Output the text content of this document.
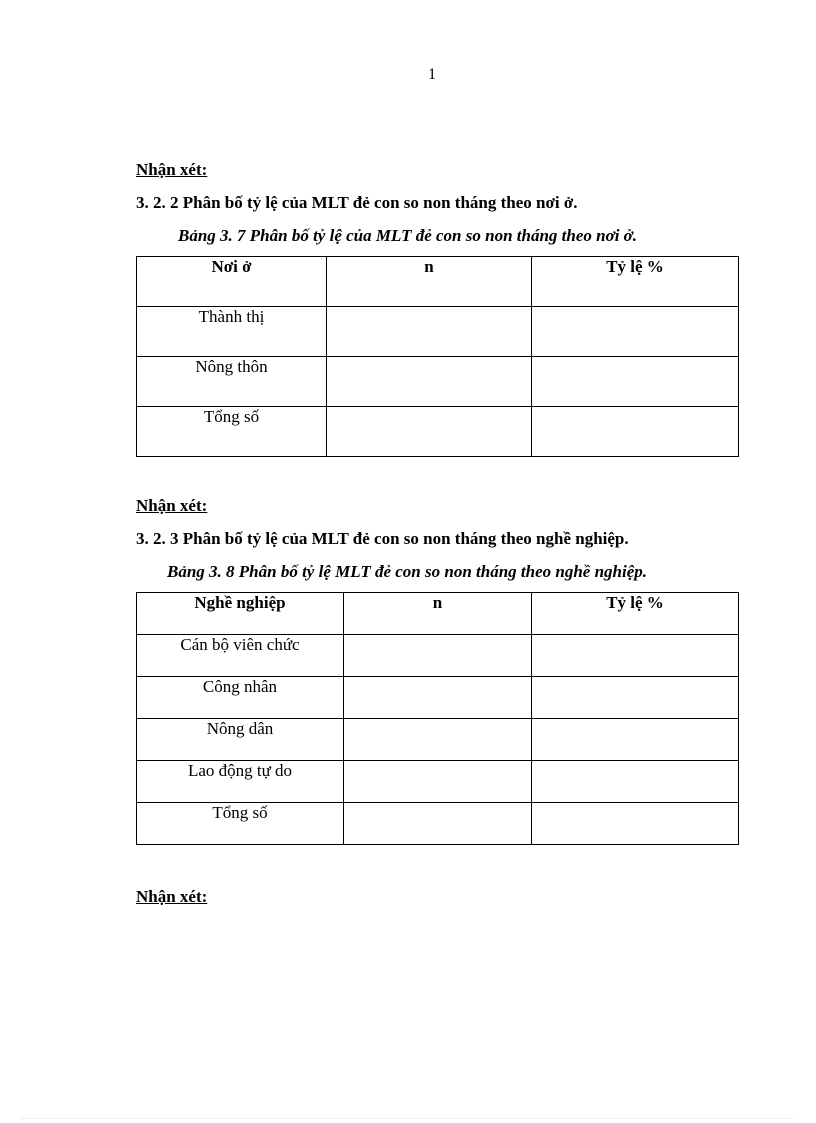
1
Nhận xét:
3. 2. 2 Phân bố tỷ lệ của MLT đẻ con so non tháng theo nơi ở.
Bảng 3. 7 Phân bố tỷ lệ của MLT đẻ con so non tháng theo nơi ở.
Nơi ở	n	Tỷ lệ %
Thành thị		
Nông thôn		
Tổng số		
Nhận xét:
3. 2. 3 Phân bố tỷ lệ của MLT đẻ con so non tháng theo nghề nghiệp.
Bảng 3. 8 Phân bố tỷ lệ MLT đẻ con so non tháng theo nghề nghiệp.
Nghề nghiệp	n	Tỷ lệ %
Cán bộ viên chức		
Công nhân		
Nông dân		
Lao động tự do		
Tổng số		
Nhận xét:
